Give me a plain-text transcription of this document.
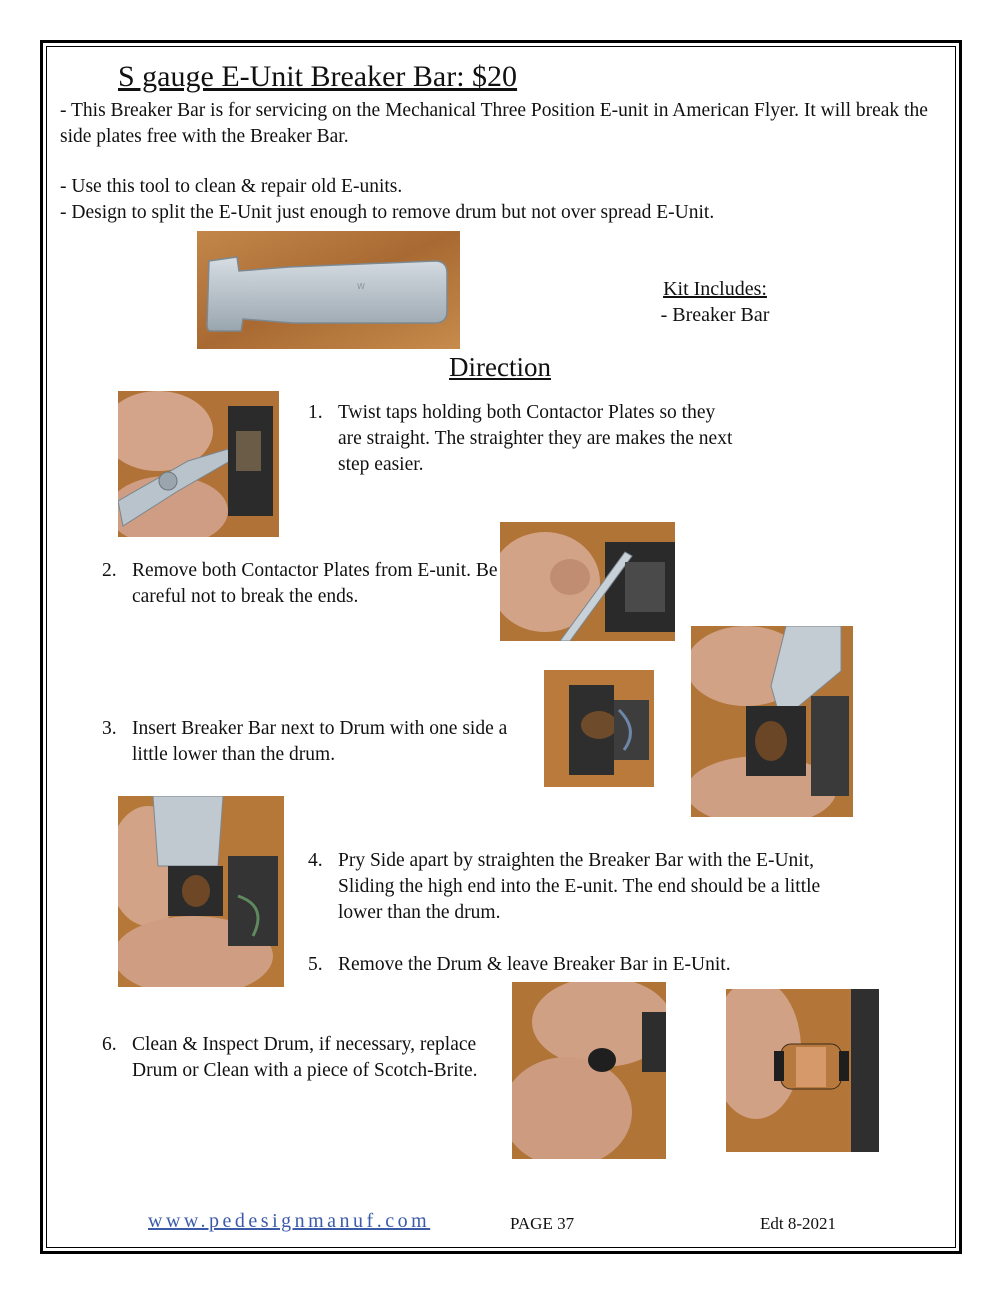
S gauge E-Unit Breaker Bar: $20
- This Breaker Bar is for servicing on the Mechanical Three Position E-unit in American Flyer. It will break the side plates free with the Breaker Bar.
- Use this tool to clean & repair old E-units.
- Design to split the E-Unit just enough to remove drum but not over spread E-Unit.
W	Kit Includes:
- Breaker Bar
Direction
1. Twist taps holding both Contactor Plates so they are straight. The straighter they are makes the next step easier.
2. Remove both Contactor Plates from E-unit. Be careful not to break the ends.
3. Insert Breaker Bar next to Drum with one side a little lower than the drum.
4. Pry Side apart by straighten the Breaker Bar with the E-Unit, Sliding the high end into the E-unit. The end should be a little lower than the drum.
5. Remove the Drum & leave Breaker Bar in E-Unit.
6. Clean & Inspect Drum, if necessary, replace Drum or Clean with a piece of Scotch-Brite.
www.pedesignmanuf.com	PAGE 37	Edt 8-2021
